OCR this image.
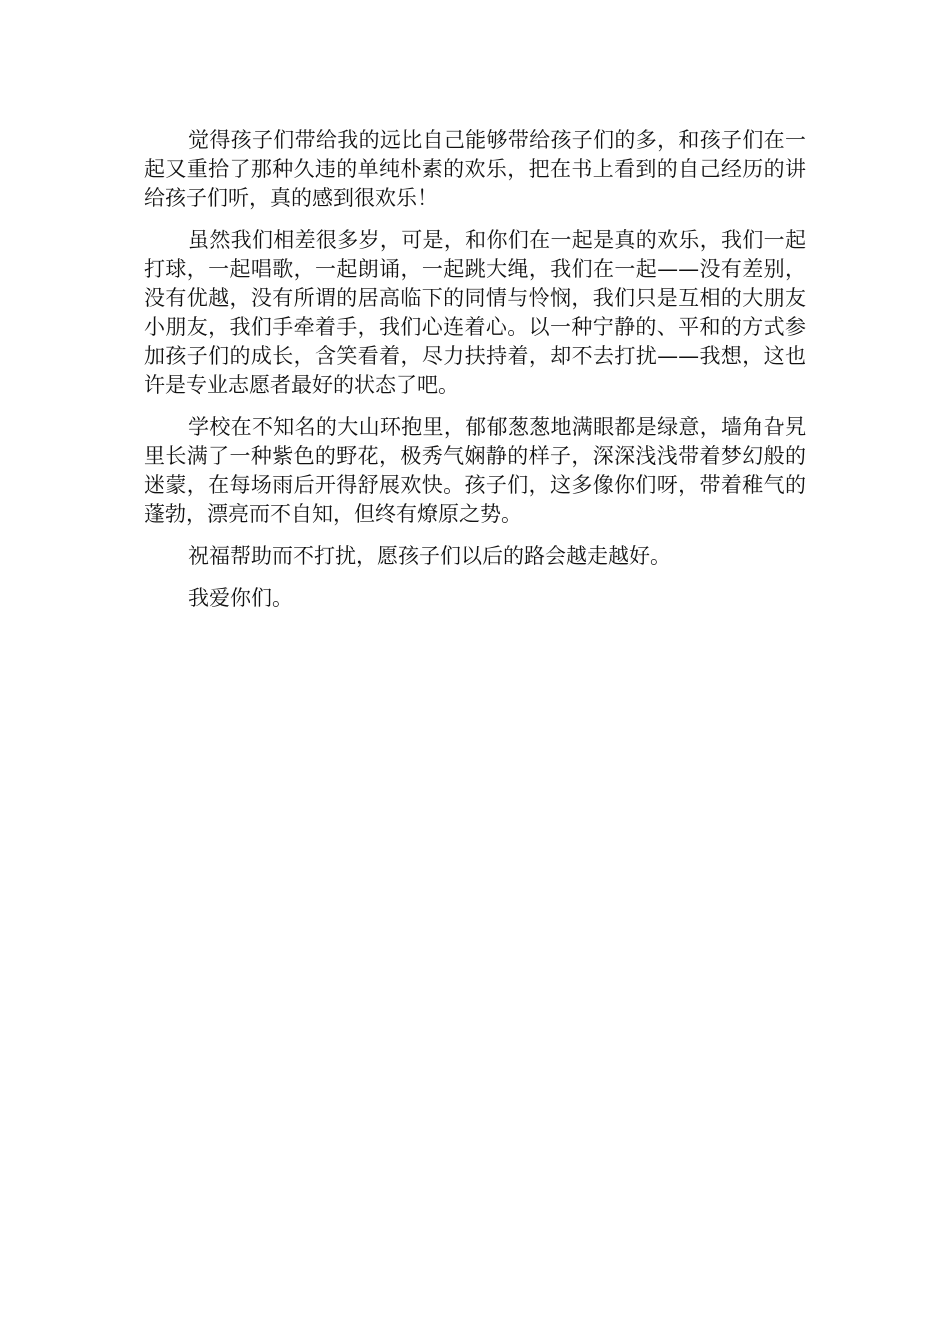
觉得孩子们带给我的远比自己能够带给孩子们的多，和孩子们在一起又重拾了那种久违的单纯朴素的欢乐，把在书上看到的自己经历的讲给孩子们听，真的感到很欢乐！

虽然我们相差很多岁，可是，和你们在一起是真的欢乐，我们一起打球，一起唱歌，一起朗诵，一起跳大绳，我们在一起——没有差别，没有优越，没有所谓的居高临下的同情与怜悯，我们只是互相的大朋友小朋友，我们手牵着手，我们心连着心。以一种宁静的、平和的方式参加孩子们的成长，含笑看着，尽力扶持着，却不去打扰——我想，这也许是专业志愿者最好的状态了吧。

学校在不知名的大山环抱里，郁郁葱葱地满眼都是绿意，墙角旮旯里长满了一种紫色的野花，极秀气娴静的样子，深深浅浅带着梦幻般的迷蒙，在每场雨后开得舒展欢快。孩子们，这多像你们呀，带着稚气的蓬勃，漂亮而不自知，但终有燎原之势。

祝福帮助而不打扰，愿孩子们以后的路会越走越好。

我爱你们。
